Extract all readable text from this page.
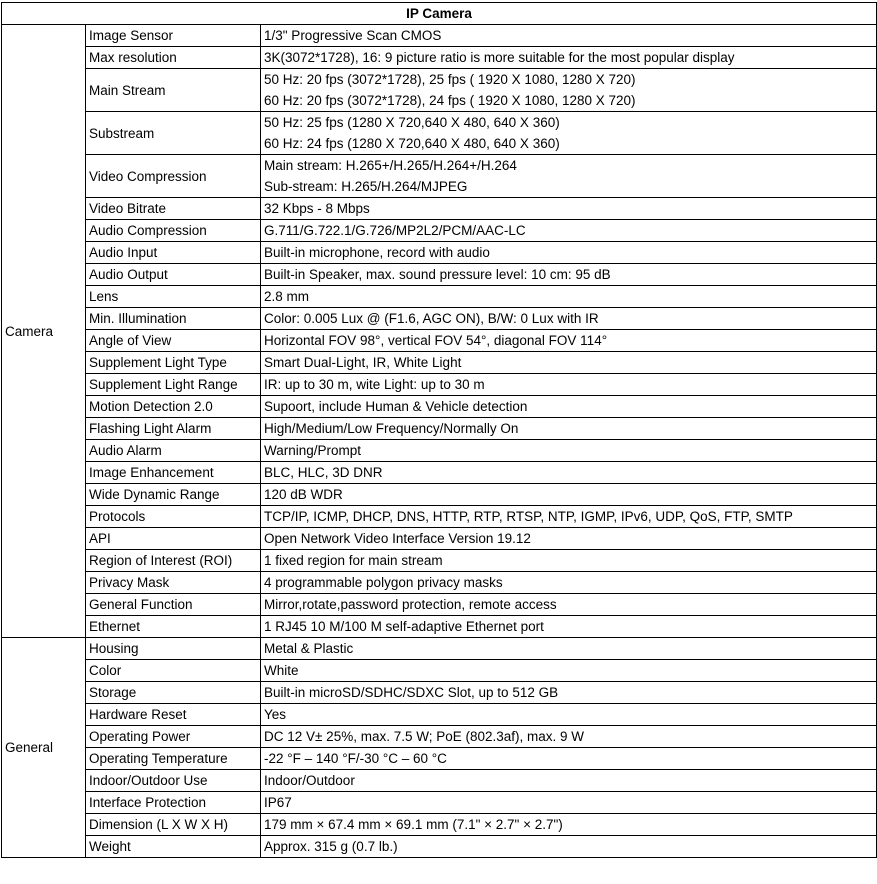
IP Camera		
Camera	Image Sensor	1/3" Progressive Scan CMOS

	Max resolution	3K(3072*1728), 16: 9 picture ratio is more suitable for the most popular display

	Main Stream	50 Hz: 20 fps (3072*1728), 25 fps ( 1920 X 1080, 1280 X 720)
60 Hz: 20 fps (3072*1728), 24 fps ( 1920 X 1080, 1280 X 720)

	Substream	50 Hz: 25 fps (1280 X 720,640 X 480, 640 X 360)
60 Hz: 24 fps (1280 X 720,640 X 480, 640 X 360)

	Video Compression	Main stream: H.265+/H.265/H.264+/H.264
Sub-stream: H.265/H.264/MJPEG

	Video Bitrate	32 Kbps - 8 Mbps

	Audio Compression	G.711/G.722.1/G.726/MP2L2/PCM/AAC-LC

	Audio Input	Built-in microphone, record with audio

	Audio Output	Built-in Speaker, max. sound pressure level: 10 cm: 95 dB

	Lens	2.8 mm

	Min. Illumination	Color: 0.005 Lux @ (F1.6, AGC ON), B/W: 0 Lux with IR

	Angle of View	Horizontal FOV 98°, vertical FOV 54°, diagonal FOV 114°

	Supplement Light Type	Smart Dual-Light, IR, White Light

	Supplement Light Range	IR: up to 30 m, wite Light: up to 30 m

	Motion Detection 2.0	Supoort, include Human & Vehicle detection

	Flashing Light Alarm	High/Medium/Low Frequency/Normally On

	Audio Alarm	Warning/Prompt

	Image Enhancement	BLC, HLC, 3D DNR

	Wide Dynamic Range	120 dB WDR

	Protocols	TCP/IP, ICMP, DHCP, DNS, HTTP, RTP, RTSP, NTP, IGMP, IPv6, UDP, QoS, FTP, SMTP

	API	Open Network Video Interface Version 19.12

	Region of Interest (ROI)	1 fixed region for main stream

	Privacy Mask	4 programmable polygon privacy masks

	General Function	Mirror,rotate,password protection, remote access

	Ethernet	1 RJ45 10 M/100 M self-adaptive Ethernet port

General	Housing	Metal & Plastic

	Color	White

	Storage	Built-in microSD/SDHC/SDXC Slot, up to 512 GB

	Hardware Reset	Yes

	Operating Power	DC 12 V± 25%, max. 7.5 W; PoE (802.3af), max. 9 W

	Operating Temperature	-22 °F – 140 °F/-30 °C – 60 °C

	Indoor/Outdoor Use	Indoor/Outdoor

	Interface Protection	IP67

	Dimension (L X W X H)	179 mm × 67.4 mm × 69.1 mm (7.1" × 2.7" × 2.7")

	Weight	Approx. 315 g (0.7 lb.)
